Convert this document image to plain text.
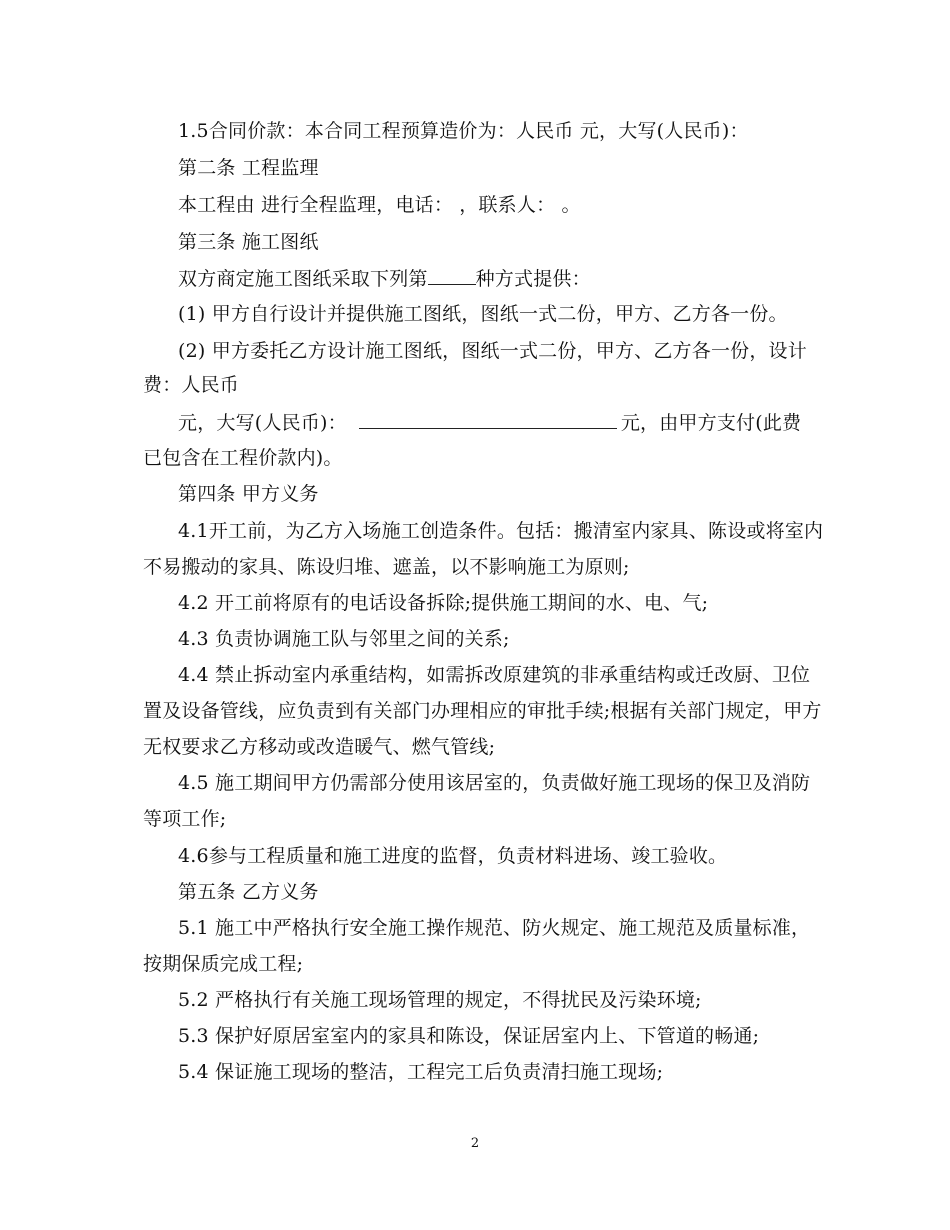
1.5合同价款：本合同工程预算造价为：人民币 元，大写(人民币)：
第二条 工程监理
本工程由 进行全程监理，电话： ，联系人： 。
第三条 施工图纸
双方商定施工图纸采取下列第	种方式提供：
(1) 甲方自行设计并提供施工图纸，图纸一式二份，甲方、乙方各一份。
(2) 甲方委托乙方设计施工图纸，图纸一式二份，甲方、乙方各一份，设计
费：人民币
元，大写(人民币)：	元，由甲方支付(此费
已包含在工程价款内)。
第四条 甲方义务
4.1开工前，为乙方入场施工创造条件。包括：搬清室内家具、陈设或将室内
不易搬动的家具、陈设归堆、遮盖，以不影响施工为原则;
4.2 开工前将原有的电话设备拆除;提供施工期间的水、电、气;
4.3 负责协调施工队与邻里之间的关系;
4.4 禁止拆动室内承重结构，如需拆改原建筑的非承重结构或迁改厨、卫位
置及设备管线，应负责到有关部门办理相应的审批手续;根据有关部门规定，甲方
无权要求乙方移动或改造暖气、燃气管线;
4.5 施工期间甲方仍需部分使用该居室的，负责做好施工现场的保卫及消防
等项工作;
4.6参与工程质量和施工进度的监督，负责材料进场、竣工验收。
第五条 乙方义务
5.1 施工中严格执行安全施工操作规范、防火规定、施工规范及质量标准，
按期保质完成工程;
5.2 严格执行有关施工现场管理的规定，不得扰民及污染环境;
5.3 保护好原居室室内的家具和陈设，保证居室内上、下管道的畅通;
5.4 保证施工现场的整洁，工程完工后负责清扫施工现场;
2
